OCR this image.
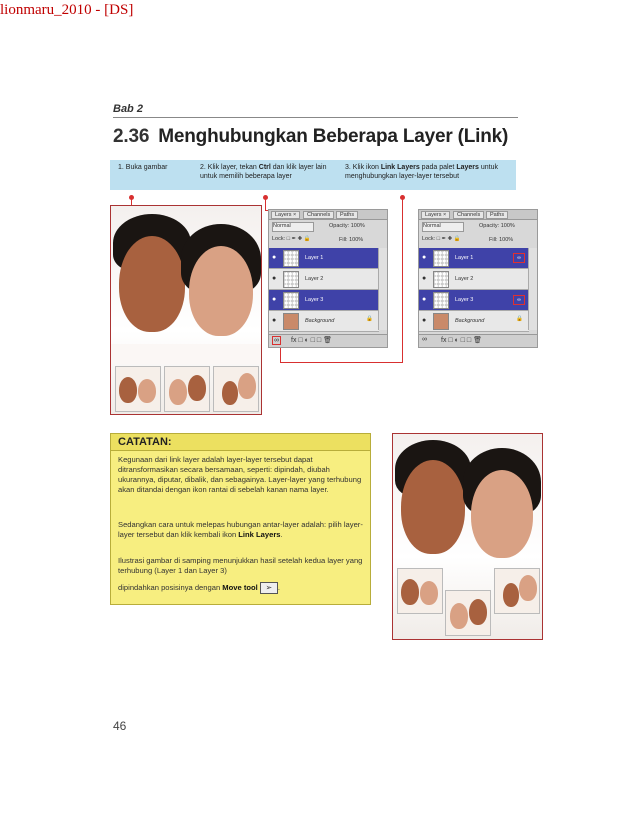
lionmaru_2010 - [DS]
Bab 2
2.36 Menghubungkan Beberapa Layer (Link)
1. Buka gambar	2. Klik layer, tekan Ctrl dan klik layer lain untuk memilih beberapa layer
3. Klik ikon Link Layers pada palet Layers untuk menghubungkan layer-layer tersebut
Layers ×	Channels	Paths
Normal	Opacity: 100%
Lock: □ ✒ ✚ 🔒	Fill: 100%
●	Layer 1
●	Layer 2
●	Layer 3
●	Background	🔒
∞ fx □ ◐ □ □ 🗑
Layers ×	Channels	Paths
Normal	Opacity: 100%
Lock: □ ✒ ✚ 🔒	Fill: 100%
●	Layer 1	∞
●	Layer 2
●	Layer 3	∞
●	Background	🔒
∞ fx □ ◐ □ □ 🗑
CATATAN:

Kegunaan dari link layer adalah layer-layer tersebut dapat ditransformasikan secara bersamaan, seperti: dipindah, diubah ukurannya, diputar, dibalik, dan sebagainya. Layer-layer yang terhubung akan ditandai dengan ikon rantai di sebelah kanan nama layer.

Sedangkan cara untuk melepas hubungan antar-layer adalah: pilih layer-layer tersebut dan klik kembali ikon Link Layers.

Ilustrasi gambar di samping menunjukkan hasil setelah kedua layer yang terhubung (Layer 1 dan Layer 3)

dipindahkan posisinya dengan Move tool ➢ .

46
